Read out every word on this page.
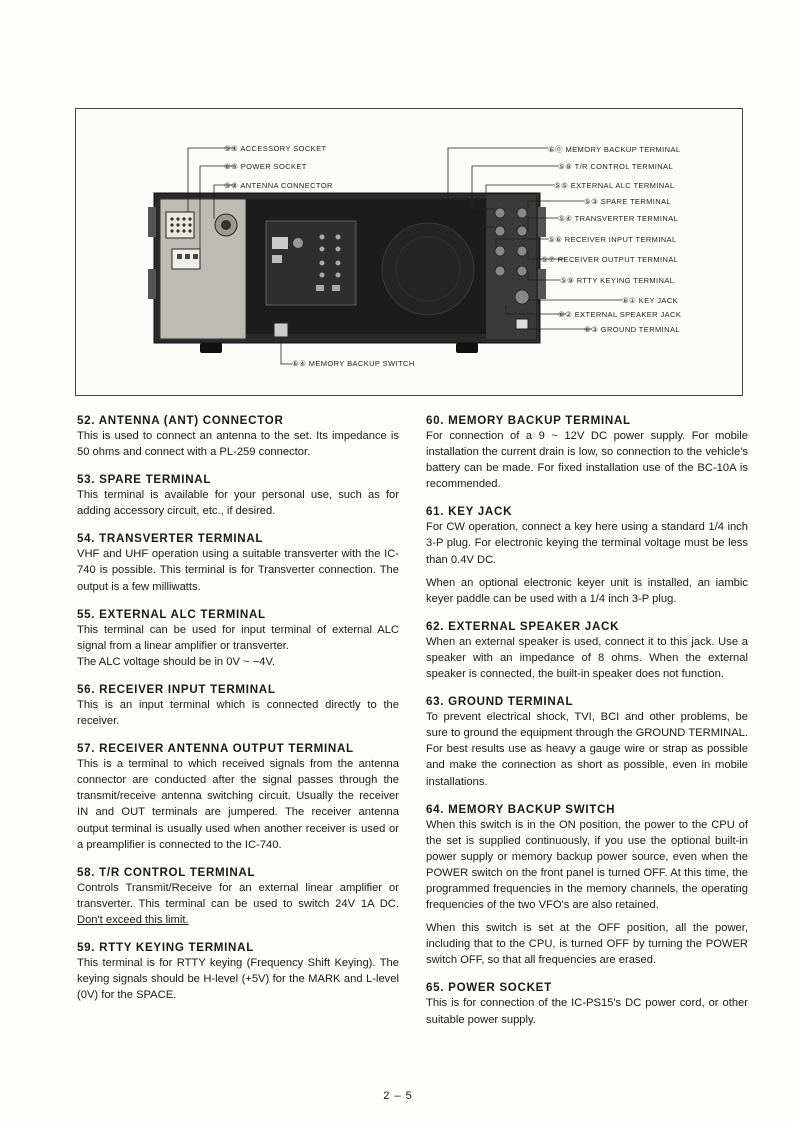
⑤① ACCESSORY SOCKET
⑥⑤ POWER SOCKET
⑤② ANTENNA CONNECTOR
⑥⓪ MEMORY BACKUP TERMINAL
⑤⑧ T/R CONTROL TERMINAL
⑤⑤ EXTERNAL ALC TERMINAL
⑤③ SPARE TERMINAL
⑤④ TRANSVERTER TERMINAL
⑤⑥ RECEIVER INPUT TERMINAL
⑤⑦ RECEIVER OUTPUT TERMINAL
⑤⑨ RTTY KEYING TERMINAL
⑥① KEY JACK
⑥② EXTERNAL SPEAKER JACK
⑥③ GROUND TERMINAL
⑥④ MEMORY BACKUP SWITCH
52. ANTENNA (ANT) CONNECTOR

This is used to connect an antenna to the set. Its impedance is 50 ohms and connect with a PL-259 connector.

53. SPARE TERMINAL

This terminal is available for your personal use, such as for adding accessory circuit, etc., if desired.

54. TRANSVERTER TERMINAL

VHF and UHF operation using a suitable transverter with the IC-740 is possible. This terminal is for Transverter connection. The output is a few milliwatts.

55. EXTERNAL ALC TERMINAL

This terminal can be used for input terminal of external ALC signal from a linear amplifier or transverter.

The ALC voltage should be in 0V ~ −4V.

56. RECEIVER INPUT TERMINAL

This is an input terminal which is connected directly to the receiver.

57. RECEIVER ANTENNA OUTPUT TERMINAL

This is a terminal to which received signals from the antenna connector are conducted after the signal passes through the transmit/receive antenna switching circuit. Usually the receiver IN and OUT terminals are jumpered. The receiver antenna output terminal is usually used when another receiver is used or a preamplifier is connected to the IC-740.

58. T/R CONTROL TERMINAL

Controls Transmit/Receive for an external linear amplifier or transverter. This terminal can be used to switch 24V 1A DC. Don't exceed this limit.

59. RTTY KEYING TERMINAL

This terminal is for RTTY keying (Frequency Shift Keying). The keying signals should be H-level (+5V) for the MARK and L-level (0V) for the SPACE.

60. MEMORY BACKUP TERMINAL

For connection of a 9 ~ 12V DC power supply. For mobile installation the current drain is low, so connection to the vehicle's battery can be made. For fixed installation use of the BC-10A is recommended.

61. KEY JACK

For CW operation, connect a key here using a standard 1/4 inch 3-P plug. For electronic keying the terminal voltage must be less than 0.4V DC.

When an optional electronic keyer unit is installed, an iambic keyer paddle can be used with a 1/4 inch 3-P plug.

62. EXTERNAL SPEAKER JACK

When an external speaker is used, connect it to this jack. Use a speaker with an impedance of 8 ohms. When the external speaker is connected, the built-in speaker does not function.

63. GROUND TERMINAL

To prevent electrical shock, TVI, BCI and other problems, be sure to ground the equipment through the GROUND TERMINAL. For best results use as heavy a gauge wire or strap as possible and make the connection as short as possible, even in mobile installations.

64. MEMORY BACKUP SWITCH

When this switch is in the ON position, the power to the CPU of the set is supplied continuously, if you use the optional built-in power supply or memory backup power source, even when the POWER switch on the front panel is turned OFF. At this time, the programmed frequencies in the memory channels, the operating frequencies of the two VFO's are also retained.

When this switch is set at the OFF position, all the power, including that to the CPU, is turned OFF by turning the POWER switch OFF, so that all frequencies are erased.

65. POWER SOCKET

This is for connection of the IC-PS15's DC power cord, or other suitable power supply.

2 – 5
